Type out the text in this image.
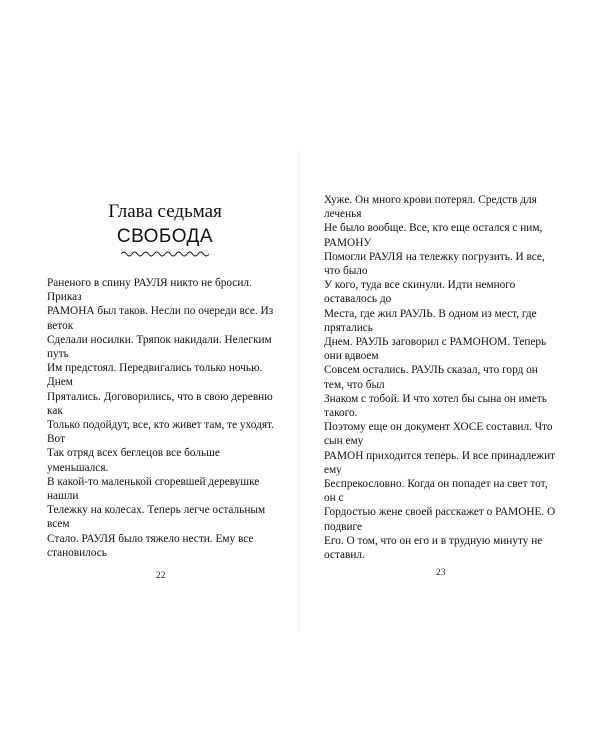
Глава седьмая
СВОБОДА
Раненого в спину РАУЛЯ никто не бросил.
Приказ
РАМОНА был таков. Несли по очереди все. Из
веток
Сделали носилки. Тряпок накидали. Нелегким
путь
Им предстоял. Передвигались только ночью.
Днем
Прятались. Договорились, что в свою деревню
как
Только подойдут, все, кто живет там, те уходят.
Вот
Так отряд всех беглецов все больше
уменьшался.
В какой-то маленькой сгоревшей деревушке
нашли
Тележку на колесах. Теперь легче остальным
всем
Стало. РАУЛЯ было тяжело нести. Ему все
становилось
22
Хуже. Он много крови потерял. Средств для
леченья
Не было вообще. Все, кто еще остался с ним,
РАМОНУ
Помогли РАУЛЯ на тележку погрузить. И все,
что было
У кого, туда все скинули. Идти немного
оставалось до
Места, где жил РАУЛЬ. В одном из мест, где
прятались
Днем. РАУЛЬ заговорил с РАМОНОМ. Теперь
они вдвоем
Совсем остались. РАУЛЬ сказал, что горд он
тем, что был
Знаком с тобой. И что хотел бы сына он иметь
такого.
Поэтому еще он документ ХОСЕ составил. Что
сын ему
РАМОН приходится теперь. И все принадлежит
ему
Беспрекословно. Когда он попадет на свет тот,
он с
Гордостью жене своей расскажет о РАМОНЕ. О
подвиге
Его. О том, что он его и в трудную минуту не
оставил.
23
